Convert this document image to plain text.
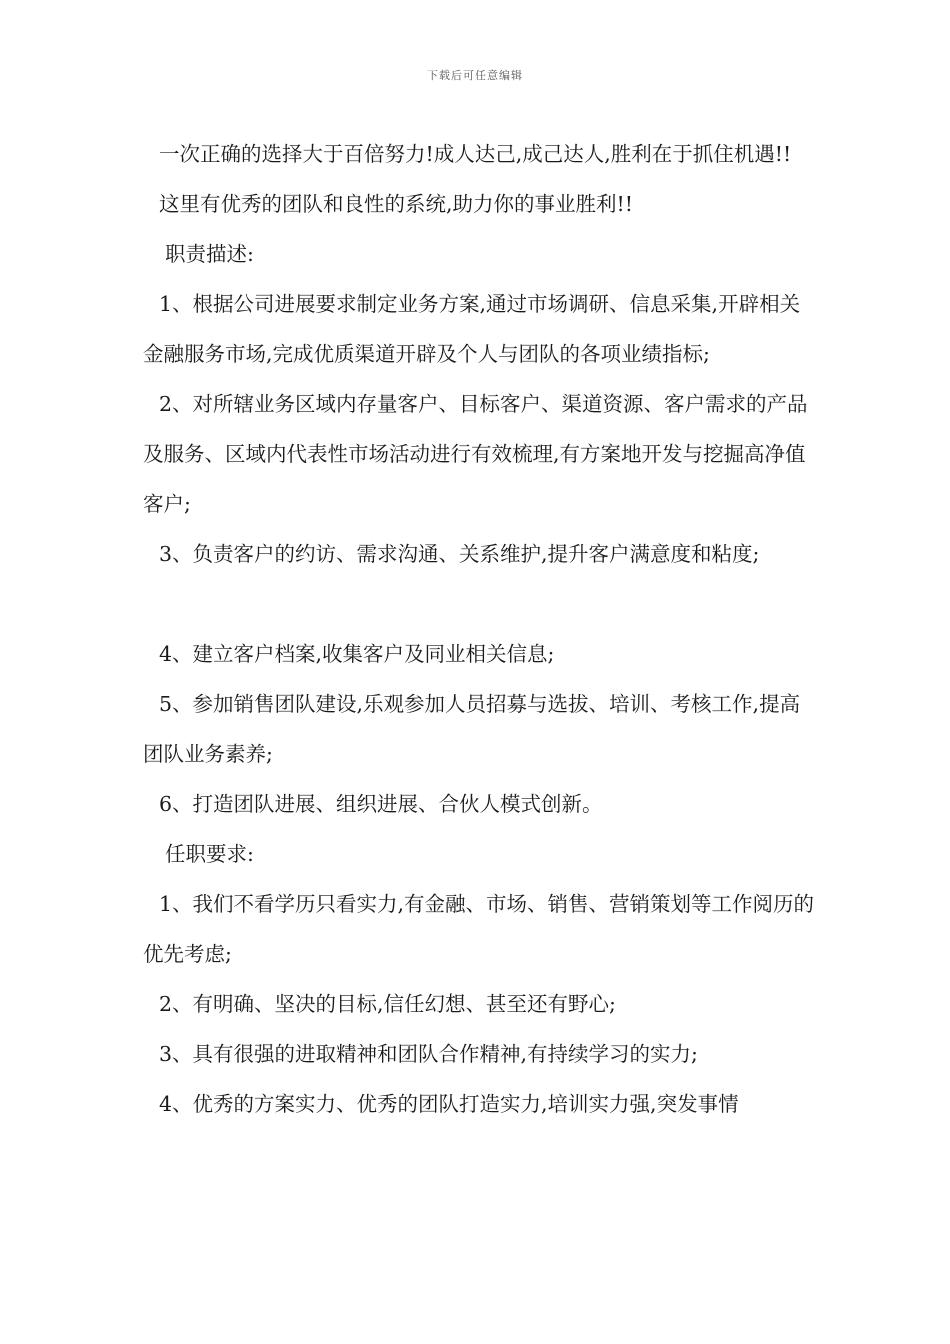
下载后可任意编辑

一次正确的选择大于百倍努力!成人达己,成己达人,胜利在于抓住机遇!!

这里有优秀的团队和良性的系统,助力你的事业胜利!!

职责描述:

1、根据公司进展要求制定业务方案,通过市场调研、信息采集,开辟相关金融服务市场,完成优质渠道开辟及个人与团队的各项业绩指标;

2、对所辖业务区域内存量客户、目标客户、渠道资源、客户需求的产品及服务、区域内代表性市场活动进行有效梳理,有方案地开发与挖掘高净值客户;

3、负责客户的约访、需求沟通、关系维护,提升客户满意度和粘度;

4、建立客户档案,收集客户及同业相关信息;

5、参加销售团队建设,乐观参加人员招募与选拔、培训、考核工作,提高团队业务素养;

6、打造团队进展、组织进展、合伙人模式创新。

任职要求:

1、我们不看学历只看实力,有金融、市场、销售、营销策划等工作阅历的优先考虑;

2、有明确、坚决的目标,信任幻想、甚至还有野心;

3、具有很强的进取精神和团队合作精神,有持续学习的实力;

4、优秀的方案实力、优秀的团队打造实力,培训实力强,突发事情
